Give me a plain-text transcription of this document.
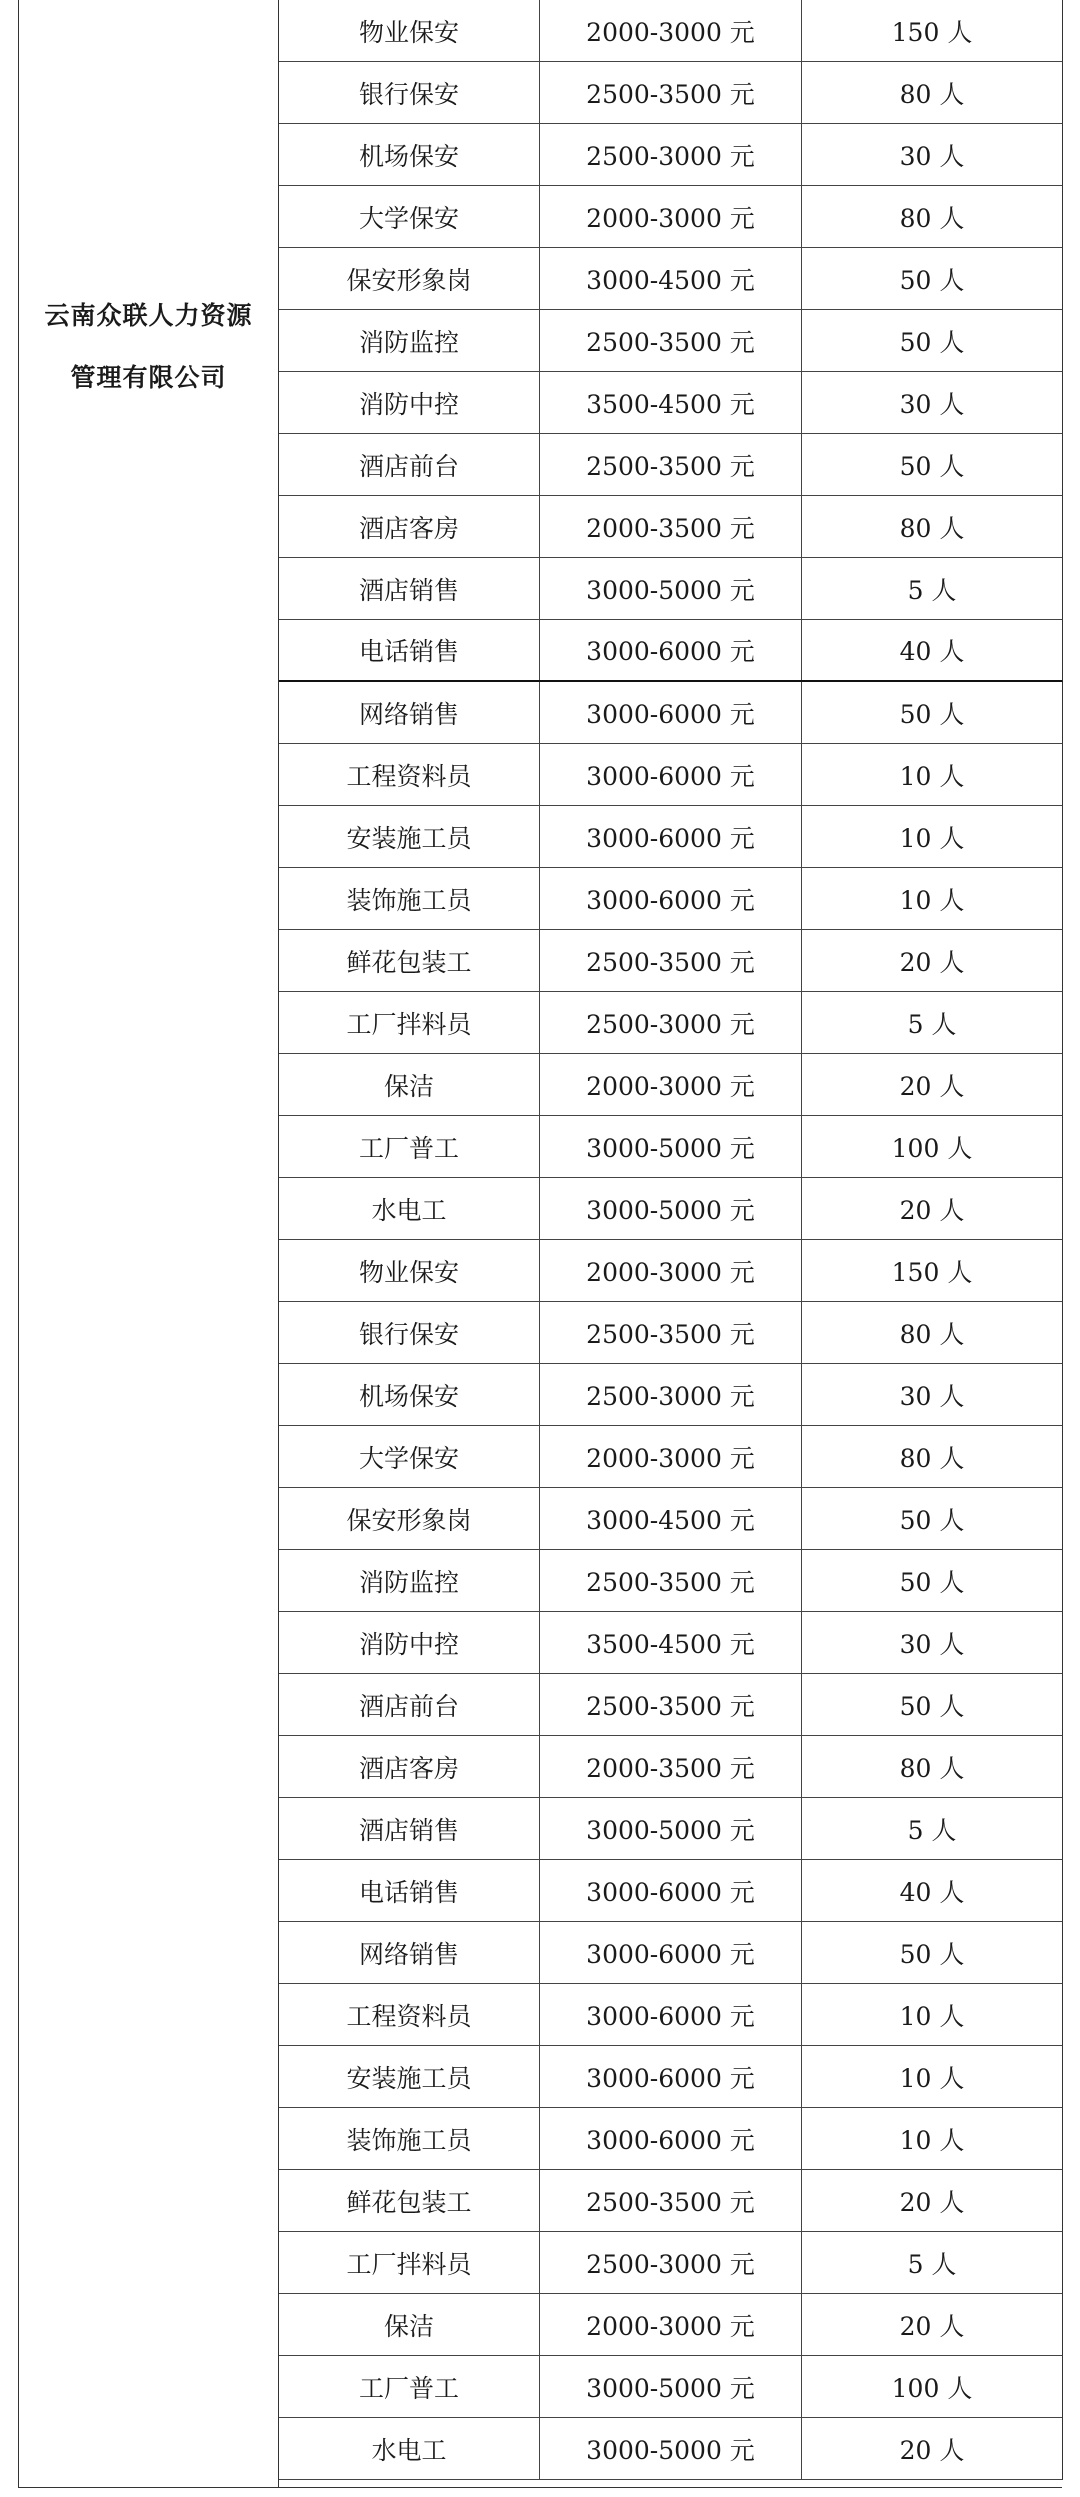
云南众联人力资源
管理有限公司
物业保安	2000-3000 元	150 人
银行保安	2500-3500 元	80 人
机场保安	2500-3000 元	30 人
大学保安	2000-3000 元	80 人
保安形象岗	3000-4500 元	50 人
消防监控	2500-3500 元	50 人
消防中控	3500-4500 元	30 人
酒店前台	2500-3500 元	50 人
酒店客房	2000-3500 元	80 人
酒店销售	3000-5000 元	5 人
电话销售	3000-6000 元	40 人
网络销售	3000-6000 元	50 人
工程资料员	3000-6000 元	10 人
安装施工员	3000-6000 元	10 人
装饰施工员	3000-6000 元	10 人
鲜花包装工	2500-3500 元	20 人
工厂拌料员	2500-3000 元	5 人
保洁	2000-3000 元	20 人
工厂普工	3000-5000 元	100 人
水电工	3000-5000 元	20 人
物业保安	2000-3000 元	150 人
银行保安	2500-3500 元	80 人
机场保安	2500-3000 元	30 人
大学保安	2000-3000 元	80 人
保安形象岗	3000-4500 元	50 人
消防监控	2500-3500 元	50 人
消防中控	3500-4500 元	30 人
酒店前台	2500-3500 元	50 人
酒店客房	2000-3500 元	80 人
酒店销售	3000-5000 元	5 人
电话销售	3000-6000 元	40 人
网络销售	3000-6000 元	50 人
工程资料员	3000-6000 元	10 人
安装施工员	3000-6000 元	10 人
装饰施工员	3000-6000 元	10 人
鲜花包装工	2500-3500 元	20 人
工厂拌料员	2500-3000 元	5 人
保洁	2000-3000 元	20 人
工厂普工	3000-5000 元	100 人
水电工	3000-5000 元	20 人
